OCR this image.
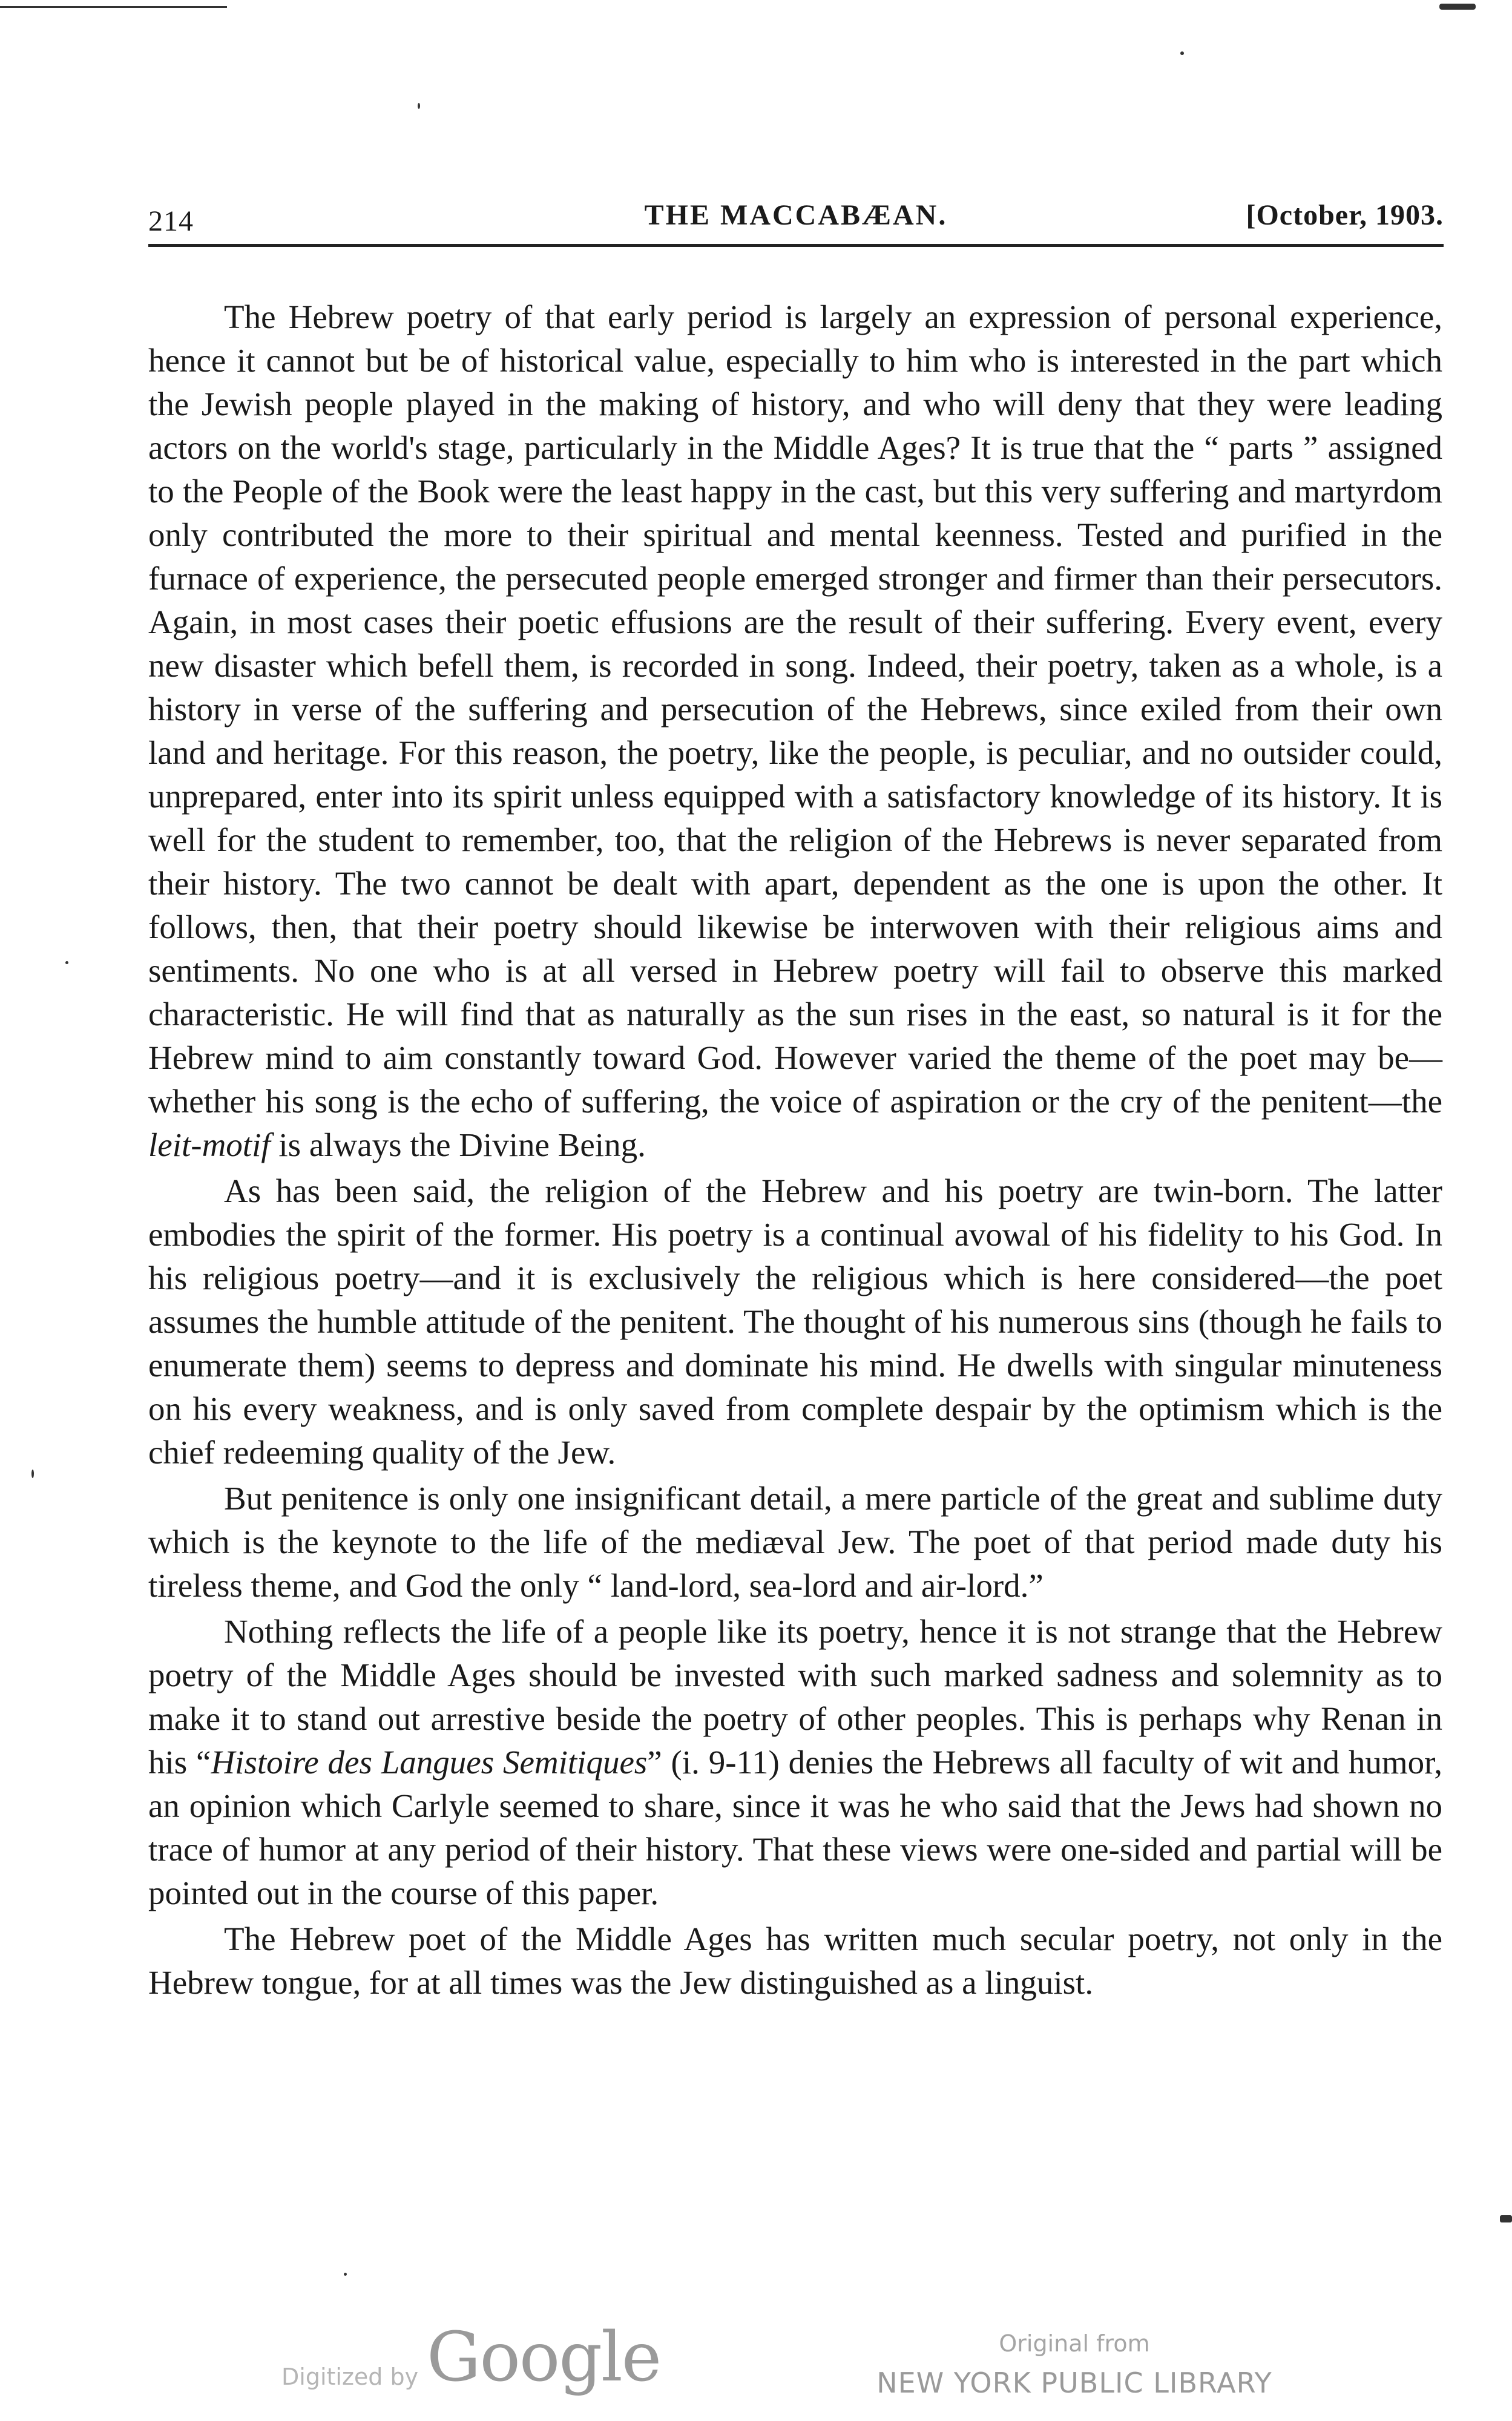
214	THE MACCABÆAN.	[October, 1903.

The Hebrew poetry of that early period is largely an expression of personal experience, hence it cannot but be of historical value, especially to him who is interested in the part which the Jewish people played in the making of history, and who will deny that they were leading actors on the world's stage, particularly in the Middle Ages? It is true that the “ parts ” assigned to the People of the Book were the least happy in the cast, but this very suffering and martyrdom only contributed the more to their spiritual and mental keenness. Tested and purified in the furnace of experience, the persecuted people emerged stronger and firmer than their persecutors. Again, in most cases their poetic effusions are the result of their suffering. Every event, every new disaster which befell them, is recorded in song. Indeed, their poetry, taken as a whole, is a history in verse of the suffering and persecution of the Hebrews, since exiled from their own land and heritage. For this reason, the poetry, like the people, is peculiar, and no outsider could, unprepared, enter into its spirit unless equipped with a satisfactory knowledge of its history. It is well for the student to remember, too, that the religion of the Hebrews is never separated from their history. The two cannot be dealt with apart, dependent as the one is upon the other. It follows, then, that their poetry should likewise be interwoven with their religious aims and sentiments. No one who is at all versed in Hebrew poetry will fail to observe this marked characteristic. He will find that as naturally as the sun rises in the east, so natural is it for the Hebrew mind to aim constantly toward God. However varied the theme of the poet may be—whether his song is the echo of suffering, the voice of aspiration or the cry of the penitent—the leit-motif is always the Divine Being.

As has been said, the religion of the Hebrew and his poetry are twin-born. The latter embodies the spirit of the former. His poetry is a continual avowal of his fidelity to his God. In his religious poetry—and it is exclusively the religious which is here considered—the poet assumes the humble attitude of the penitent. The thought of his numerous sins (though he fails to enumerate them) seems to depress and dominate his mind. He dwells with singular minuteness on his every weakness, and is only saved from complete despair by the optimism which is the chief redeeming quality of the Jew.

But penitence is only one insignificant detail, a mere particle of the great and sublime duty which is the keynote to the life of the mediæval Jew. The poet of that period made duty his tireless theme, and God the only “ land-lord, sea-lord and air-lord.”

Nothing reflects the life of a people like its poetry, hence it is not strange that the Hebrew poetry of the Middle Ages should be invested with such marked sadness and solemnity as to make it to stand out arrestive beside the poetry of other peoples. This is perhaps why Renan in his “Histoire des Langues Semitiques” (i. 9-11) denies the Hebrews all faculty of wit and humor, an opinion which Carlyle seemed to share, since it was he who said that the Jews had shown no trace of humor at any period of their history. That these views were one-sided and partial will be pointed out in the course of this paper.

The Hebrew poet of the Middle Ages has written much secular poetry, not only in the Hebrew tongue, for at all times was the Jew distinguished as a linguist.

Digitized by Google	Original from
NEW YORK PUBLIC LIBRARY
